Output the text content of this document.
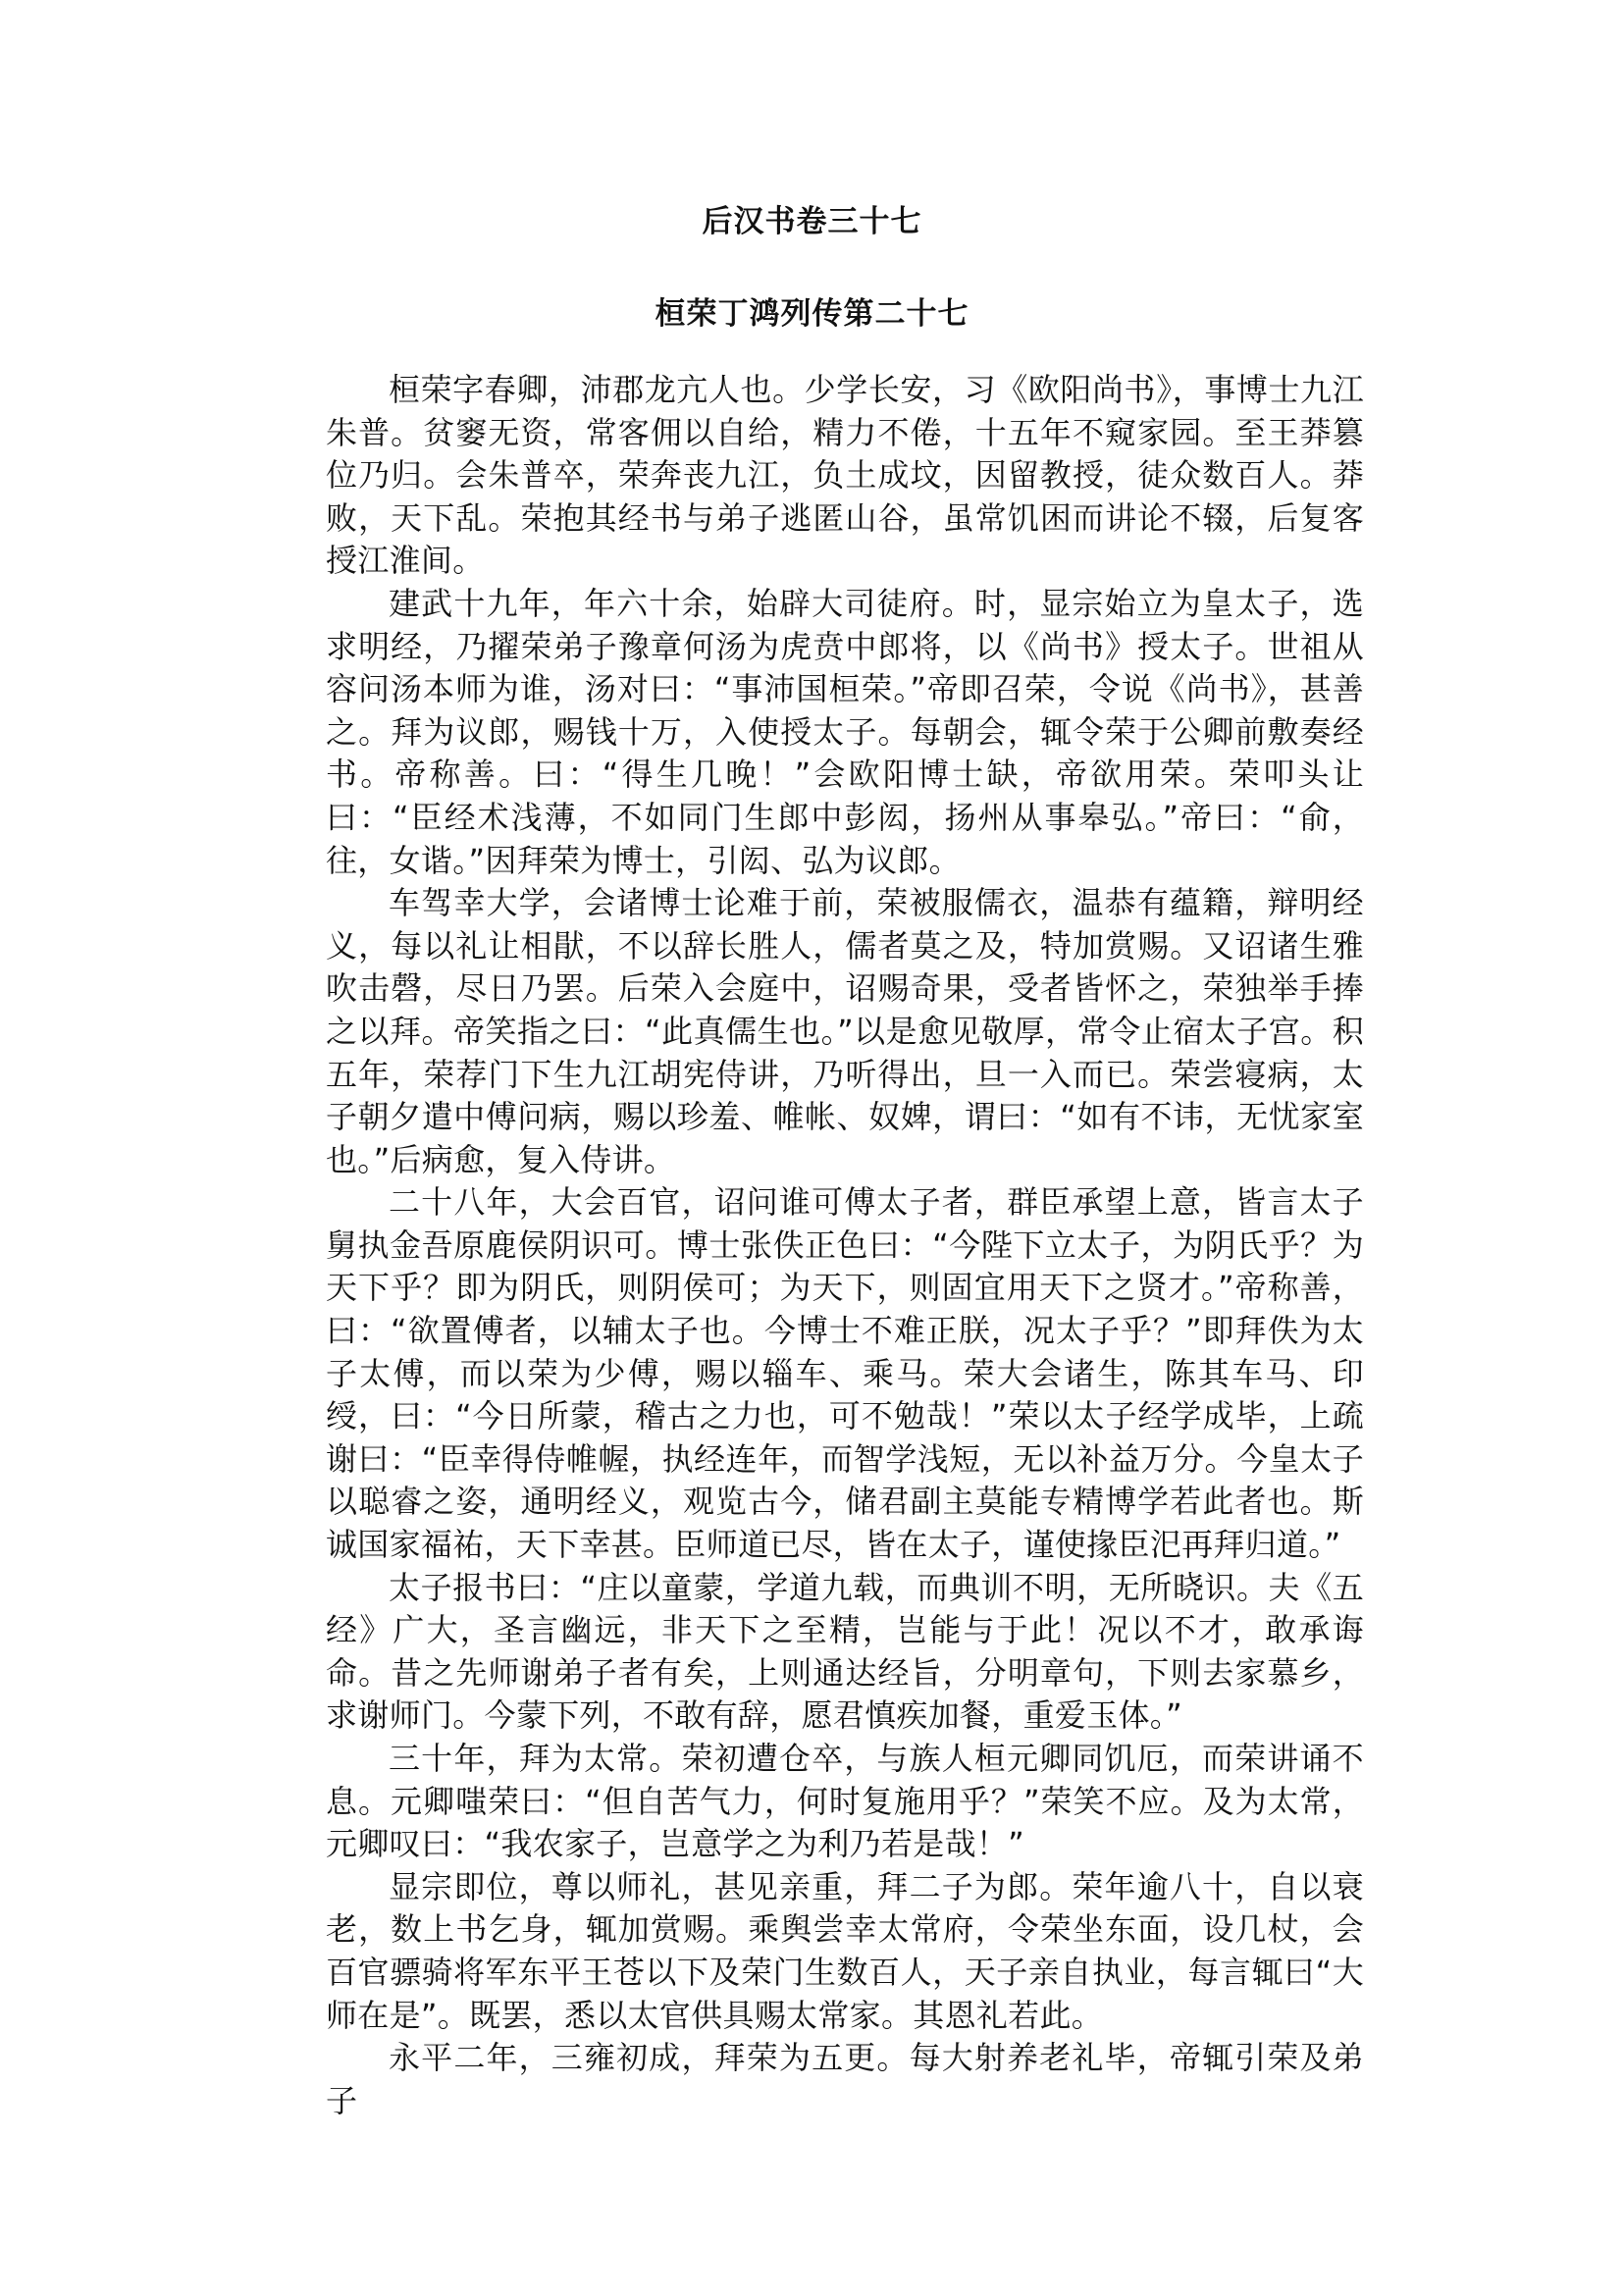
后汉书卷三十七
桓荣丁鸿列传第二十七

桓荣字春卿，沛郡龙亢人也。少学长安，习《欧阳尚书》，事博士九江朱普。贫窭无资，常客佣以自给，精力不倦，十五年不窥家园。至王莽篡位乃归。会朱普卒，荣奔丧九江，负土成坟，因留教授，徒众数百人。莽败，天下乱。荣抱其经书与弟子逃匿山谷，虽常饥困而讲论不辍，后复客授江淮间。

建武十九年，年六十余，始辟大司徒府。时，显宗始立为皇太子，选求明经，乃擢荣弟子豫章何汤为虎贲中郎将，以《尚书》授太子。世祖从容问汤本师为谁，汤对曰：“事沛国桓荣。”帝即召荣，令说《尚书》，甚善之。拜为议郎，赐钱十万，入使授太子。每朝会，辄令荣于公卿前敷奏经书。帝称善。曰：“得生几晚！”会欧阳博士缺，帝欲用荣。荣叩头让曰：“臣经术浅薄，不如同门生郎中彭闳，扬州从事皋弘。”帝曰：“俞，往，女谐。”因拜荣为博士，引闳、弘为议郎。

车驾幸大学，会诸博士论难于前，荣被服儒衣，温恭有蕴籍，辩明经义，每以礼让相猒，不以辞长胜人，儒者莫之及，特加赏赐。又诏诸生雅吹击磬，尽日乃罢。后荣入会庭中，诏赐奇果，受者皆怀之，荣独举手捧之以拜。帝笑指之曰：“此真儒生也。”以是愈见敬厚，常令止宿太子宫。积五年，荣荐门下生九江胡宪侍讲，乃听得出，旦一入而已。荣尝寝病，太子朝夕遣中傅问病，赐以珍羞、帷帐、奴婢，谓曰：“如有不讳，无忧家室也。”后病愈，复入侍讲。

二十八年，大会百官，诏问谁可傅太子者，群臣承望上意，皆言太子舅执金吾原鹿侯阴识可。博士张佚正色曰：“今陛下立太子，为阴氏乎？为天下乎？即为阴氏，则阴侯可；为天下，则固宜用天下之贤才。”帝称善，曰：“欲置傅者，以辅太子也。今博士不难正朕，况太子乎？”即拜佚为太子太傅，而以荣为少傅，赐以辎车、乘马。荣大会诸生，陈其车马、印绶，曰：“今日所蒙，稽古之力也，可不勉哉！”荣以太子经学成毕，上疏谢曰：“臣幸得侍帷幄，执经连年，而智学浅短，无以补益万分。今皇太子以聪睿之姿，通明经义，观览古今，储君副主莫能专精博学若此者也。斯诚国家福祐，天下幸甚。臣师道已尽，皆在太子，谨使掾臣汜再拜归道。”

太子报书曰：“庄以童蒙，学道九载，而典训不明，无所晓识。夫《五经》广大，圣言幽远，非天下之至精，岂能与于此！况以不才，敢承诲命。昔之先师谢弟子者有矣，上则通达经旨，分明章句，下则去家慕乡，求谢师门。今蒙下列，不敢有辞，愿君慎疾加餐，重爱玉体。”

三十年，拜为太常。荣初遭仓卒，与族人桓元卿同饥厄，而荣讲诵不息。元卿嗤荣曰：“但自苦气力，何时复施用乎？”荣笑不应。及为太常，元卿叹曰：“我农家子，岂意学之为利乃若是哉！”

显宗即位，尊以师礼，甚见亲重，拜二子为郎。荣年逾八十，自以衰老，数上书乞身，辄加赏赐。乘舆尝幸太常府，令荣坐东面，设几杖，会百官骠骑将军东平王苍以下及荣门生数百人，天子亲自执业，每言辄曰“大师在是”。既罢，悉以太官供具赐太常家。其恩礼若此。

永平二年，三雍初成，拜荣为五更。每大射养老礼毕，帝辄引荣及弟子
